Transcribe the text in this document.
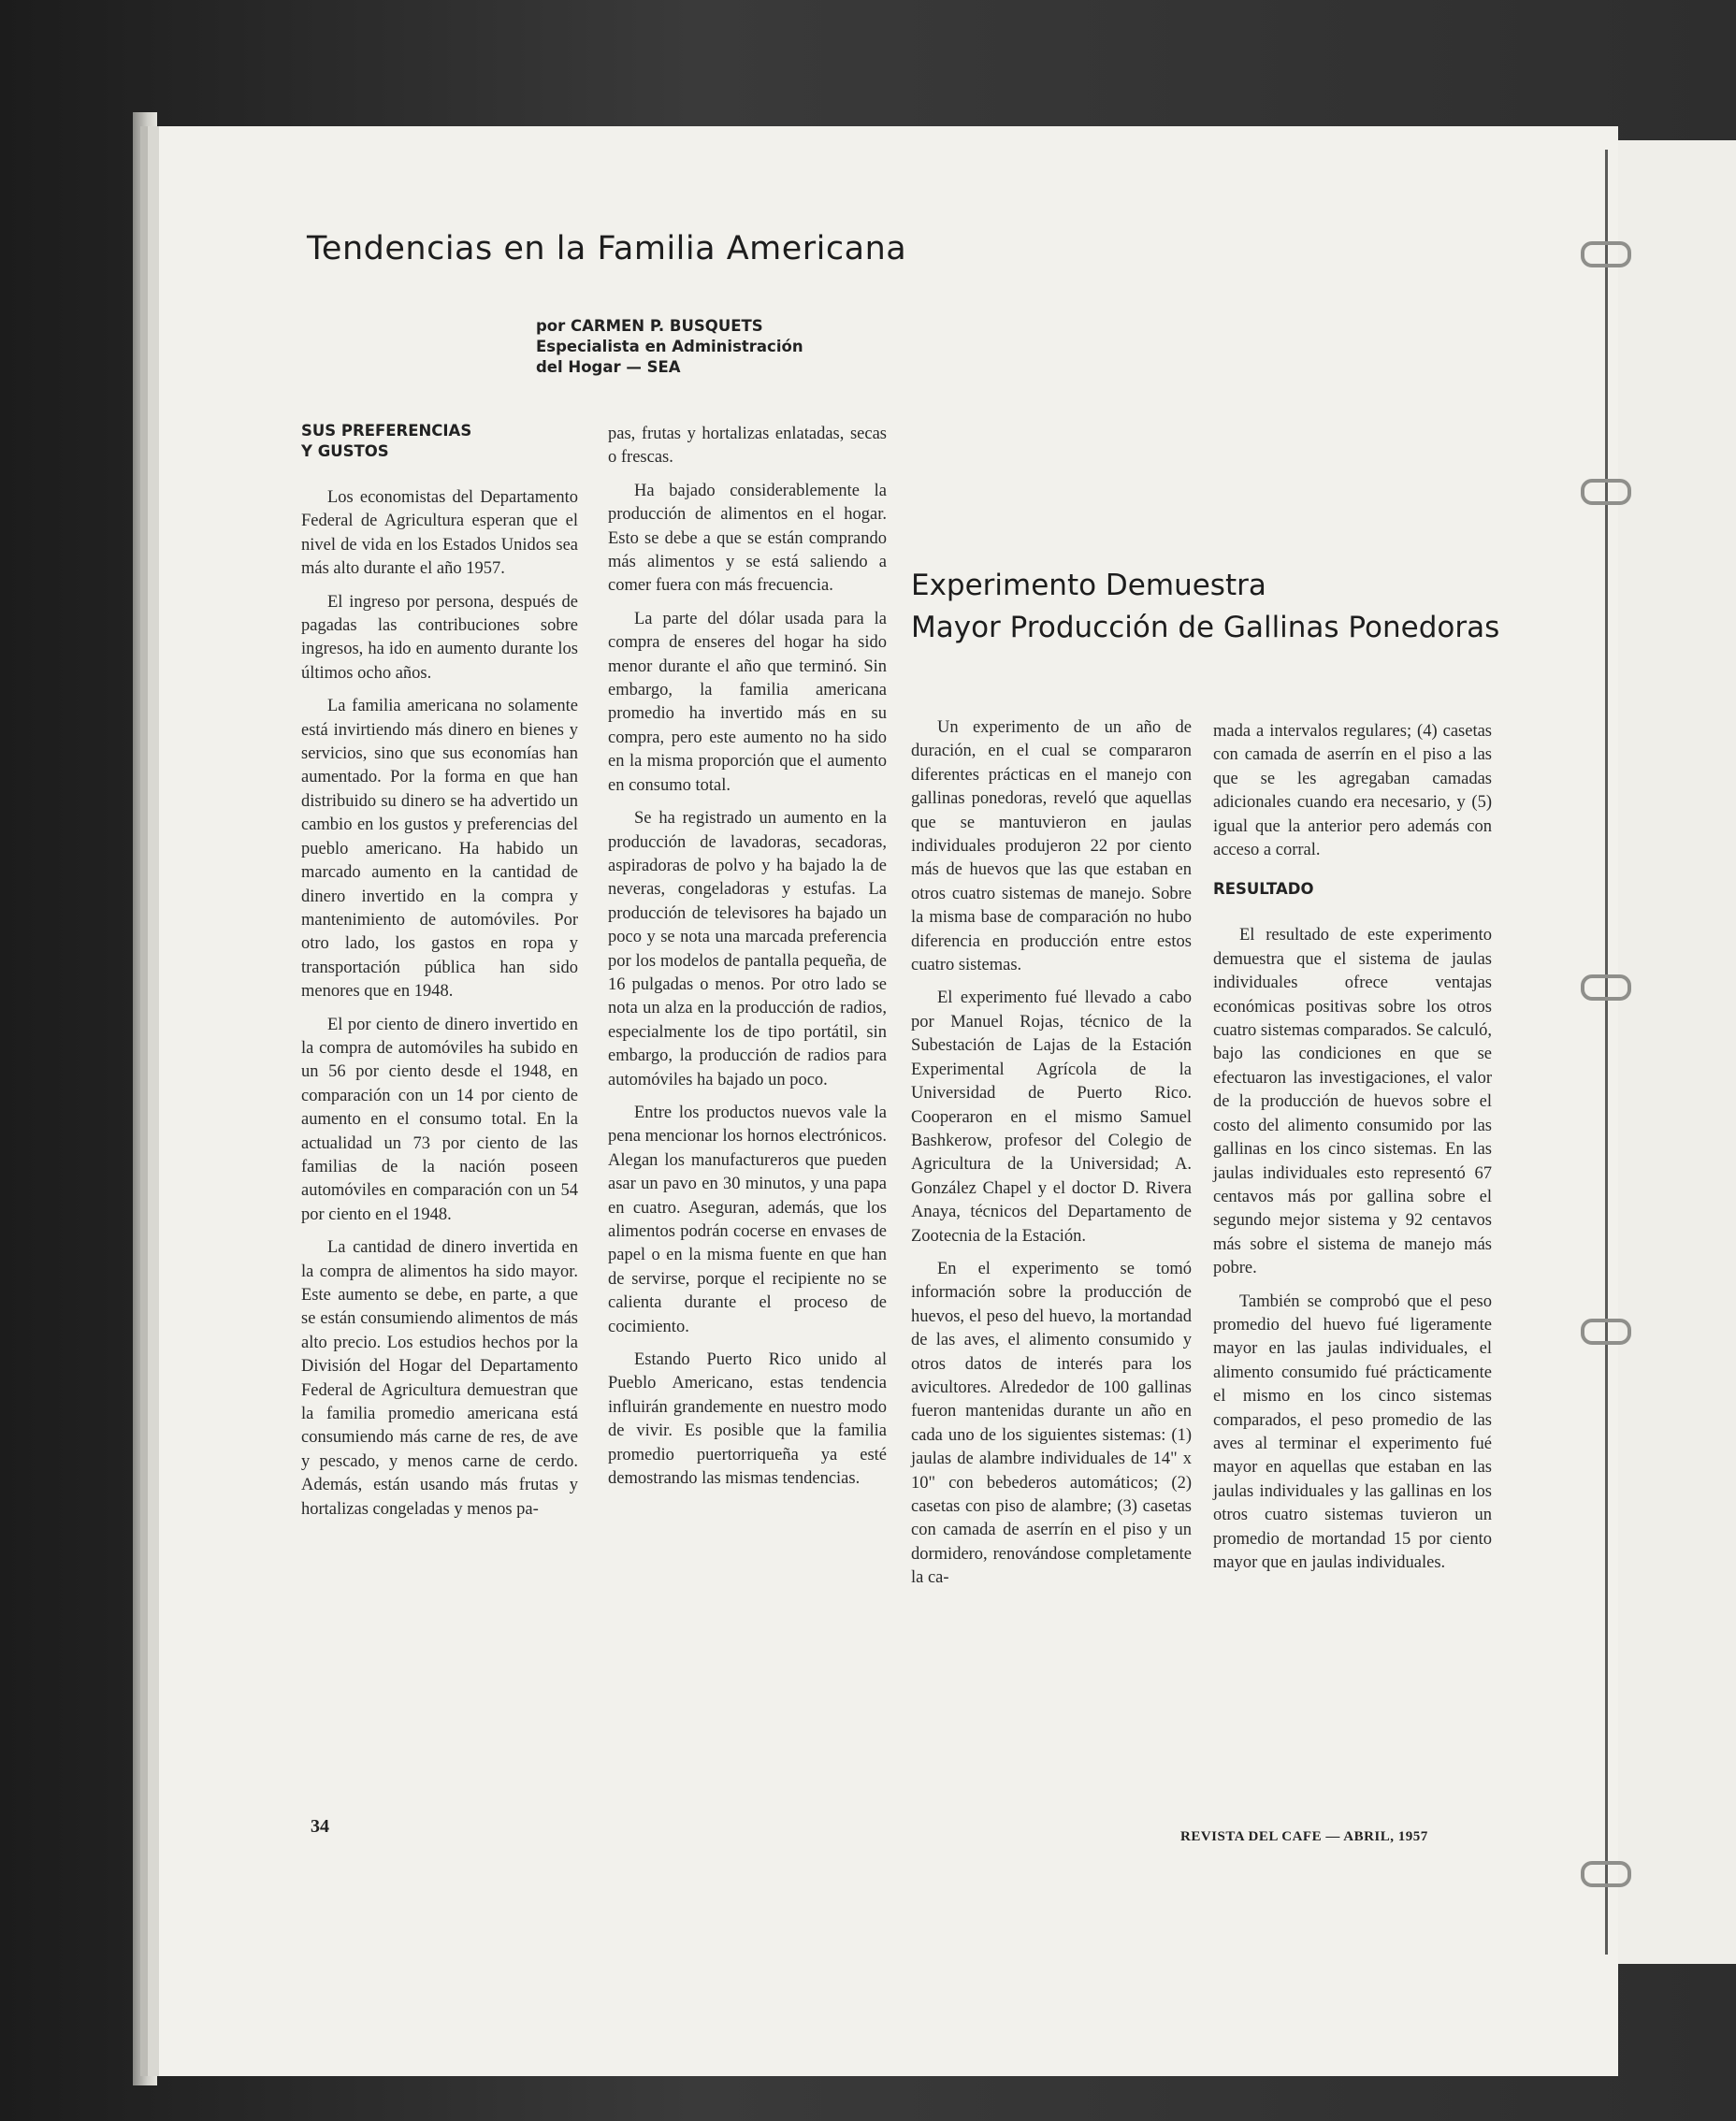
Tendencias en la Familia Americana
por CARMEN P. BUSQUETS
Especialista en Administración
del Hogar — SEA
Experimento Demuestra
Mayor Producción de Gallinas Ponedoras
SUS PREFERENCIAS
Y GUSTOS

Los economistas del Departamento Federal de Agricultura esperan que el nivel de vida en los Estados Unidos sea más alto durante el año 1957.

El ingreso por persona, después de pagadas las contribuciones sobre ingresos, ha ido en aumento durante los últimos ocho años.

La familia americana no solamente está invirtiendo más dinero en bienes y servicios, sino que sus economías han aumentado. Por la forma en que han distribuido su dinero se ha advertido un cambio en los gustos y preferencias del pueblo americano. Ha habido un marcado aumento en la cantidad de dinero invertido en la compra y mantenimiento de automóviles. Por otro lado, los gastos en ropa y transportación pública han sido menores que en 1948.

El por ciento de dinero invertido en la compra de automóviles ha subido en un 56 por ciento desde el 1948, en comparación con un 14 por ciento de aumento en el consumo total. En la actualidad un 73 por ciento de las familias de la nación poseen automóviles en comparación con un 54 por ciento en el 1948.

La cantidad de dinero invertida en la compra de alimentos ha sido mayor. Este aumento se debe, en parte, a que se están consumiendo alimentos de más alto precio. Los estudios hechos por la División del Hogar del Departamento Federal de Agricultura demuestran que la familia promedio americana está consumiendo más carne de res, de ave y pescado, y menos carne de cerdo. Además, están usando más frutas y hortalizas congeladas y menos pa-

pas, frutas y hortalizas enlatadas, secas o frescas.

Ha bajado considerablemente la producción de alimentos en el hogar. Esto se debe a que se están comprando más alimentos y se está saliendo a comer fuera con más frecuencia.

La parte del dólar usada para la compra de enseres del hogar ha sido menor durante el año que terminó. Sin embargo, la familia americana promedio ha invertido más en su compra, pero este aumento no ha sido en la misma proporción que el aumento en consumo total.

Se ha registrado un aumento en la producción de lavadoras, secadoras, aspiradoras de polvo y ha bajado la de neveras, congeladoras y estufas. La producción de televisores ha bajado un poco y se nota una marcada preferencia por los modelos de pantalla pequeña, de 16 pulgadas o menos. Por otro lado se nota un alza en la producción de radios, especialmente los de tipo portátil, sin embargo, la producción de radios para automóviles ha bajado un poco.

Entre los productos nuevos vale la pena mencionar los hornos electrónicos. Alegan los manufactureros que pueden asar un pavo en 30 minutos, y una papa en cuatro. Aseguran, además, que los alimentos podrán cocerse en envases de papel o en la misma fuente en que han de servirse, porque el recipiente no se calienta durante el proceso de cocimiento.

Estando Puerto Rico unido al Pueblo Americano, estas tendencia influirán grandemente en nuestro modo de vivir. Es posible que la familia promedio puertorriqueña ya esté demostrando las mismas tendencias.

Un experimento de un año de duración, en el cual se compararon diferentes prácticas en el manejo con gallinas ponedoras, reveló que aquellas que se mantuvieron en jaulas individuales produjeron 22 por ciento más de huevos que las que estaban en otros cuatro sistemas de manejo. Sobre la misma base de comparación no hubo diferencia en producción entre estos cuatro sistemas.

El experimento fué llevado a cabo por Manuel Rojas, técnico de la Subestación de Lajas de la Estación Experimental Agrícola de la Universidad de Puerto Rico. Cooperaron en el mismo Samuel Bashkerow, profesor del Colegio de Agricultura de la Universidad; A. González Chapel y el doctor D. Rivera Anaya, técnicos del Departamento de Zootecnia de la Estación.

En el experimento se tomó información sobre la producción de huevos, el peso del huevo, la mortandad de las aves, el alimento consumido y otros datos de interés para los avicultores. Alrededor de 100 gallinas fueron mantenidas durante un año en cada uno de los siguientes sistemas: (1) jaulas de alambre individuales de 14" x 10" con bebederos automáticos; (2) casetas con piso de alambre; (3) casetas con camada de aserrín en el piso y un dormidero, renovándose completamente la ca-

mada a intervalos regulares; (4) casetas con camada de aserrín en el piso a las que se les agregaban camadas adicionales cuando era necesario, y (5) igual que la anterior pero además con acceso a corral.

RESULTADO

El resultado de este experimento demuestra que el sistema de jaulas individuales ofrece ventajas económicas positivas sobre los otros cuatro sistemas comparados. Se calculó, bajo las condiciones en que se efectuaron las investigaciones, el valor de la producción de huevos sobre el costo del alimento consumido por las gallinas en los cinco sistemas. En las jaulas individuales esto representó 67 centavos más por gallina sobre el segundo mejor sistema y 92 centavos más sobre el sistema de manejo más pobre.

También se comprobó que el peso promedio del huevo fué ligeramente mayor en las jaulas individuales, el alimento consumido fué prácticamente el mismo en los cinco sistemas comparados, el peso promedio de las aves al terminar el experimento fué mayor en aquellas que estaban en las jaulas individuales y las gallinas en los otros cuatro sistemas tuvieron un promedio de mortandad 15 por ciento mayor que en jaulas individuales.

34	REVISTA DEL CAFE — ABRIL, 1957
